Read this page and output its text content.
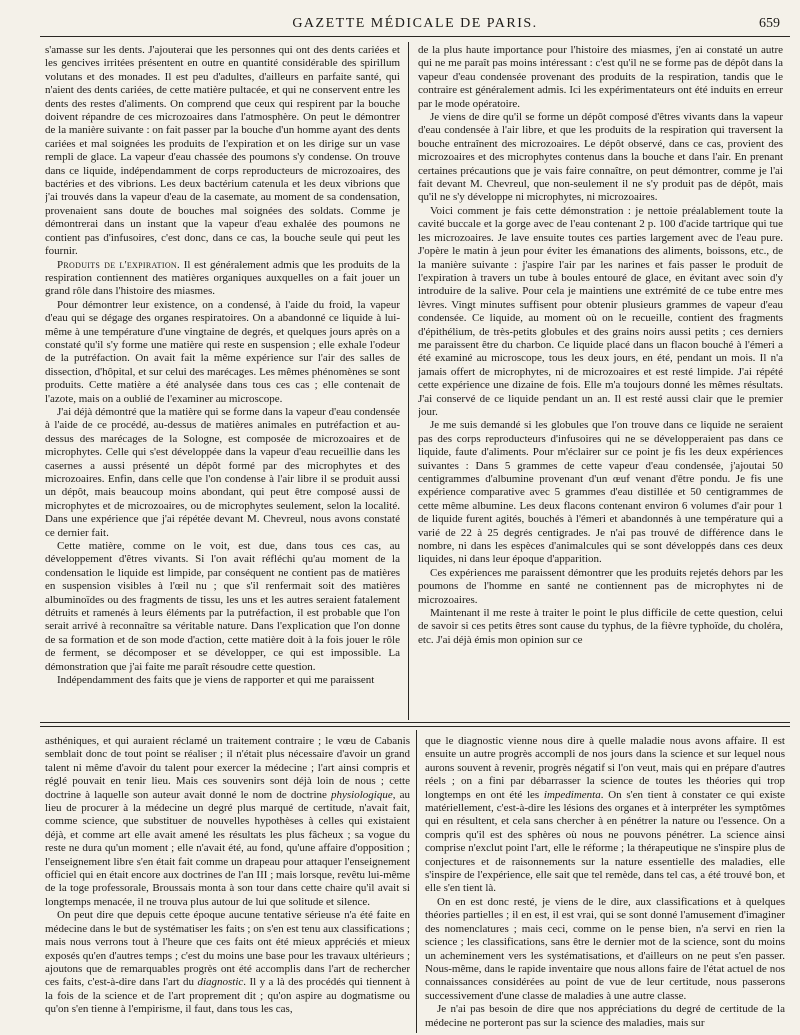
GAZETTE MÉDICALE DE PARIS.	659

s'amasse sur les dents. J'ajouterai que les personnes qui ont des dents cariées et les gencives irritées présentent en outre en quantité considérable des spirillum volutans et des monades. Il est peu d'adultes, d'ailleurs en parfaite santé, qui n'aient des dents cariées, de cette matière pultacée, et qui ne conservent entre les dents des restes d'aliments. On comprend que ceux qui respirent par la bouche doivent répandre de ces microzoaires dans l'atmosphère. On peut le démontrer de la manière suivante : on fait passer par la bouche d'un homme ayant des dents cariées et mal soignées les produits de l'expiration et on les dirige sur un vase rempli de glace. La vapeur d'eau chassée des poumons s'y condense. On trouve dans ce liquide, indépendamment de corps reproducteurs de microzoaires, des bactéries et des vibrions. Les deux bactérium catenula et les deux vibrions que j'ai trouvés dans la vapeur d'eau de la casemate, au moment de sa condensation, provenaient sans doute de bouches mal soignées des soldats. Comme je démontrerai dans un instant que la vapeur d'eau exhalée des poumons ne contient pas d'infusoires, c'est donc, dans ce cas, la bouche seule qui peut les fournir.

Produits de l'expiration. Il est généralement admis que les produits de la respiration contiennent des matières organiques auxquelles on a fait jouer un grand rôle dans l'histoire des miasmes.

Pour démontrer leur existence, on a condensé, à l'aide du froid, la vapeur d'eau qui se dégage des organes respiratoires. On a abandonné ce liquide à lui-même à une température d'une vingtaine de degrés, et quelques jours après on a constaté qu'il s'y forme une matière qui reste en suspension ; elle exhale l'odeur de la putréfaction. On avait fait la même expérience sur l'air des salles de dissection, d'hôpital, et sur celui des marécages. Les mêmes phénomènes se sont produits. Cette matière a été analysée dans tous ces cas ; elle contenait de l'azote, mais on a oublié de l'examiner au microscope.

J'ai déjà démontré que la matière qui se forme dans la vapeur d'eau condensée à l'aide de ce procédé, au-dessus de matières animales en putréfaction et au-dessus des marécages de la Sologne, est composée de microzoaires et de microphytes. Celle qui s'est développée dans la vapeur d'eau recueillie dans les casernes a aussi présenté un dépôt formé par des microphytes et des microzoaires. Enfin, dans celle que l'on condense à l'air libre il se produit aussi un dépôt, mais beaucoup moins abondant, qui peut être composé aussi de microphytes et de microzoaires, ou de microphytes seulement, selon la localité. Dans une expérience que j'ai répétée devant M. Chevreul, nous avons constaté ce dernier fait.

Cette matière, comme on le voit, est due, dans tous ces cas, au développement d'êtres vivants. Si l'on avait réfléchi qu'au moment de la condensation le liquide est limpide, par conséquent ne contient pas de matières en suspension visibles à l'œil nu ; que s'il renfermait soit des matières albuminoïdes ou des fragments de tissu, les uns et les autres seraient fatalement détruits et ramenés à leurs éléments par la putréfaction, il est probable que l'on serait arrivé à reconnaître sa véritable nature. Dans l'explication que l'on donne de sa formation et de son mode d'action, cette matière doit à la fois jouer le rôle de ferment, se décomposer et se développer, ce qui est impossible. La démonstration que j'ai faite me paraît résoudre cette question.

Indépendamment des faits que je viens de rapporter et qui me paraissent

de la plus haute importance pour l'histoire des miasmes, j'en ai constaté un autre qui ne me paraît pas moins intéressant : c'est qu'il ne se forme pas de dépôt dans la vapeur d'eau condensée provenant des produits de la respiration, tandis que le contraire est généralement admis. Ici les expérimentateurs ont été induits en erreur par le mode opératoire.

Je viens de dire qu'il se forme un dépôt composé d'êtres vivants dans la vapeur d'eau condensée à l'air libre, et que les produits de la respiration qui traversent la bouche entraînent des microzoaires. Le dépôt observé, dans ce cas, provient des microzoaires et des microphytes contenus dans la bouche et dans l'air. En prenant certaines précautions que je vais faire connaître, on peut démontrer, comme je l'ai fait devant M. Chevreul, que non-seulement il ne s'y produit pas de dépôt, mais qu'il ne s'y développe ni microphytes, ni microzoaires.

Voici comment je fais cette démonstration : je nettoie préalablement toute la cavité buccale et la gorge avec de l'eau contenant 2 p. 100 d'acide tartrique qui tue les microzoaires. Je lave ensuite toutes ces parties largement avec de l'eau pure. J'opère le matin à jeun pour éviter les émanations des aliments, boissons, etc., de la manière suivante : j'aspire l'air par les narines et fais passer le produit de l'expiration à travers un tube à boules entouré de glace, en évitant avec soin d'y introduire de la salive. Pour cela je maintiens une extrémité de ce tube entre mes lèvres. Vingt minutes suffisent pour obtenir plusieurs grammes de vapeur d'eau condensée. Ce liquide, au moment où on le recueille, contient des fragments d'épithélium, de très-petits globules et des grains noirs aussi petits ; ces derniers me paraissent être du charbon. Ce liquide placé dans un flacon bouché à l'émeri a été examiné au microscope, tous les deux jours, en été, pendant un mois. Il n'a jamais offert de microphytes, ni de microzoaires et est resté limpide. J'ai répété cette expérience une dizaine de fois. Elle m'a toujours donné les mêmes résultats. J'ai conservé de ce liquide pendant un an. Il est resté aussi clair que le premier jour.

Je me suis demandé si les globules que l'on trouve dans ce liquide ne seraient pas des corps reproducteurs d'infusoires qui ne se développeraient pas dans ce liquide, faute d'aliments. Pour m'éclairer sur ce point je fis les deux expériences suivantes : Dans 5 grammes de cette vapeur d'eau condensée, j'ajoutai 50 centigrammes d'albumine provenant d'un œuf venant d'être pondu. Je fis une expérience comparative avec 5 grammes d'eau distillée et 50 centigrammes de cette même albumine. Les deux flacons contenant environ 6 volumes d'air pour 1 de liquide furent agités, bouchés à l'émeri et abandonnés à une température qui a varié de 22 à 25 degrés centigrades. Je n'ai pas trouvé de différence dans le nombre, ni dans les espèces d'animalcules qui se sont développés dans ces deux liquides, ni dans leur époque d'apparition.

Ces expériences me paraissent démontrer que les produits rejetés dehors par les poumons de l'homme en santé ne contiennent pas de microphytes ni de microzoaires.

Maintenant il me reste à traiter le point le plus difficile de cette question, celui de savoir si ces petits êtres sont cause du typhus, de la fièvre typhoïde, du choléra, etc. J'ai déjà émis mon opinion sur ce

asthéniques, et qui auraient réclamé un traitement contraire ; le vœu de Cabanis semblait donc de tout point se réaliser ; il n'était plus nécessaire d'avoir un grand talent ni même d'avoir du talent pour exercer la médecine ; l'art ainsi compris et réglé pouvait en tenir lieu. Mais ces souvenirs sont déjà loin de nous ; cette doctrine à laquelle son auteur avait donné le nom de doctrine physiologique, au lieu de procurer à la médecine un degré plus marqué de certitude, n'avait fait, comme science, que substituer de nouvelles hypothèses à celles qui existaient déjà, et comme art elle avait amené les résultats les plus fâcheux ; sa vogue du reste ne dura qu'un moment ; elle n'avait été, au fond, qu'une affaire d'opposition ; l'enseignement libre s'en était fait comme un drapeau pour attaquer l'enseignement officiel qui en était encore aux doctrines de l'an III ; mais lorsque, revêtu lui-même de la toge professorale, Broussais monta à son tour dans cette chaire qu'il avait si longtemps menacée, il ne trouva plus autour de lui que solitude et silence.

On peut dire que depuis cette époque aucune tentative sérieuse n'a été faite en médecine dans le but de systématiser les faits ; on s'en est tenu aux classifications ; mais nous verrons tout à l'heure que ces faits ont été mieux appréciés et mieux exposés qu'en d'autres temps ; c'est du moins une base pour les travaux ultérieurs ; ajoutons que de remarquables progrès ont été accomplis dans l'art de rechercher ces faits, c'est-à-dire dans l'art du diagnostic. Il y a là des procédés qui tiennent à la fois de la science et de l'art proprement dit ; qu'on aspire au dogmatisme ou qu'on s'en tienne à l'empirisme, il faut, dans tous les cas,

que le diagnostic vienne nous dire à quelle maladie nous avons affaire. Il est ensuite un autre progrès accompli de nos jours dans la science et sur lequel nous aurons souvent à revenir, progrès négatif si l'on veut, mais qui en prépare d'autres réels ; on a fini par débarrasser la science de toutes les théories qui trop longtemps en ont été les impedimenta. On s'en tient à constater ce qui existe matériellement, c'est-à-dire les lésions des organes et à interpréter les symptômes qui en résultent, et cela sans chercher à en pénétrer la nature ou l'essence. On a compris qu'il est des sphères où nous ne pouvons pénétrer. La science ainsi comprise n'exclut point l'art, elle le réforme ; la thérapeutique ne s'inspire plus de conjectures et de raisonnements sur la nature essentielle des maladies, elle s'inspire de l'expérience, elle sait que tel remède, dans tel cas, a été trouvé bon, et elle s'en tient là.

On en est donc resté, je viens de le dire, aux classifications et à quelques théories partielles ; il en est, il est vrai, qui se sont donné l'amusement d'imaginer des nomenclatures ; mais ceci, comme on le pense bien, n'a servi en rien la science ; les classifications, sans être le dernier mot de la science, sont du moins un acheminement vers les systématisations, et d'ailleurs on ne peut s'en passer. Nous-même, dans le rapide inventaire que nous allons faire de l'état actuel de nos connaissances considérées au point de vue de leur certitude, nous passerons successivement d'une classe de maladies à une autre classe.

Je n'ai pas besoin de dire que nos appréciations du degré de certitude de la médecine ne porteront pas sur la science des maladies, mais sur
